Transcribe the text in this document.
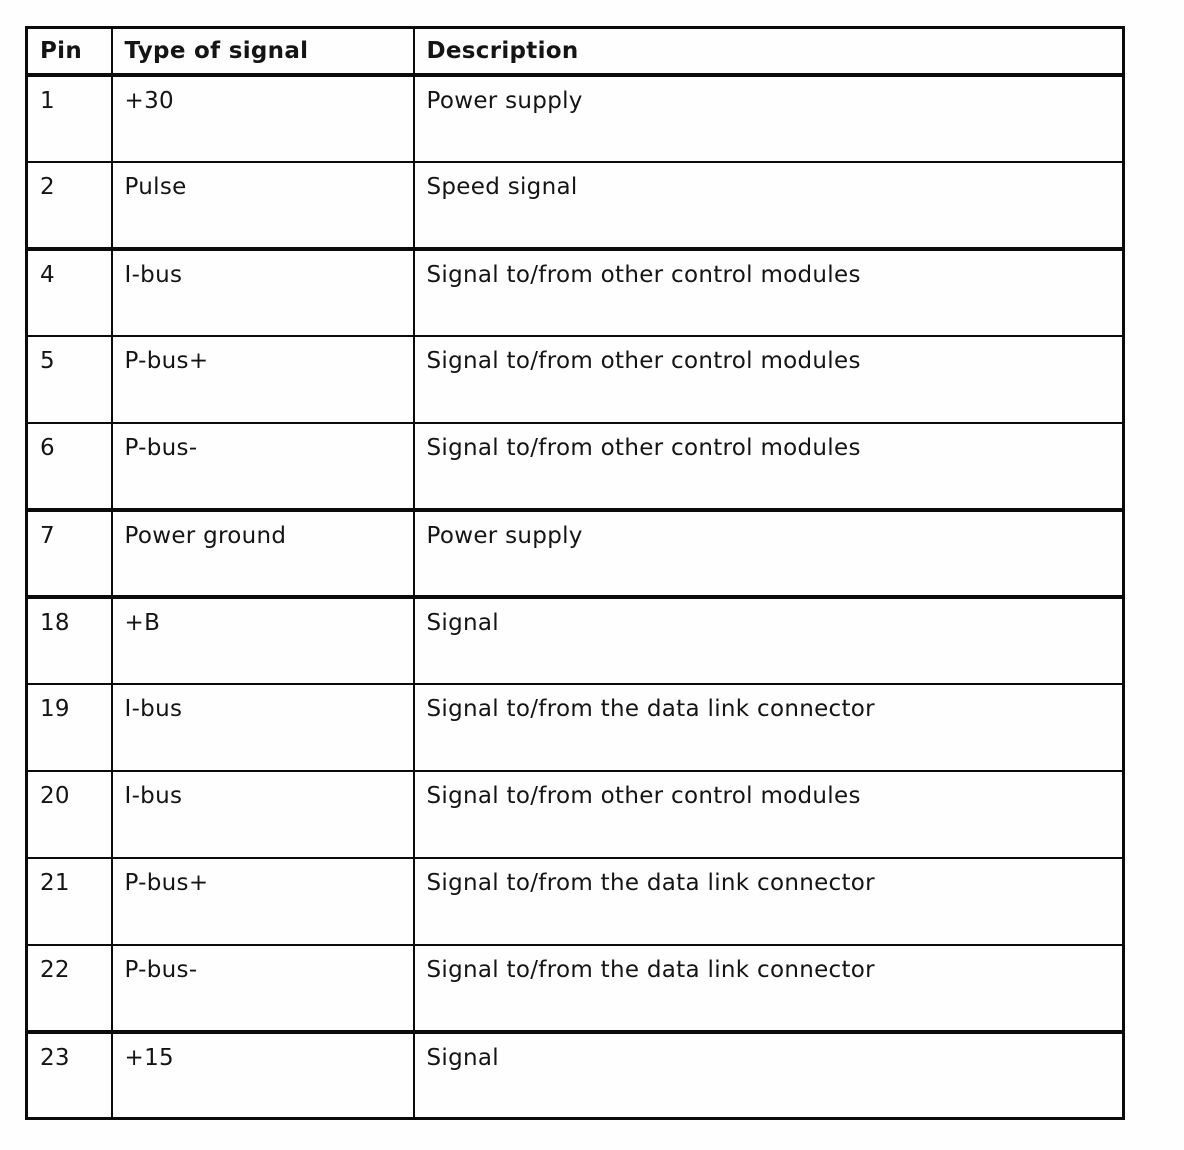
Pin	Type of signal	Description
1	+30	Power supply
2	Pulse	Speed signal
4	I-bus	Signal to/from other control modules
5	P-bus+	Signal to/from other control modules
6	P-bus-	Signal to/from other control modules
7	Power ground	Power supply
18	+B	Signal
19	I-bus	Signal to/from the data link connector
20	I-bus	Signal to/from other control modules
21	P-bus+	Signal to/from the data link connector
22	P-bus-	Signal to/from the data link connector
23	+15	Signal
